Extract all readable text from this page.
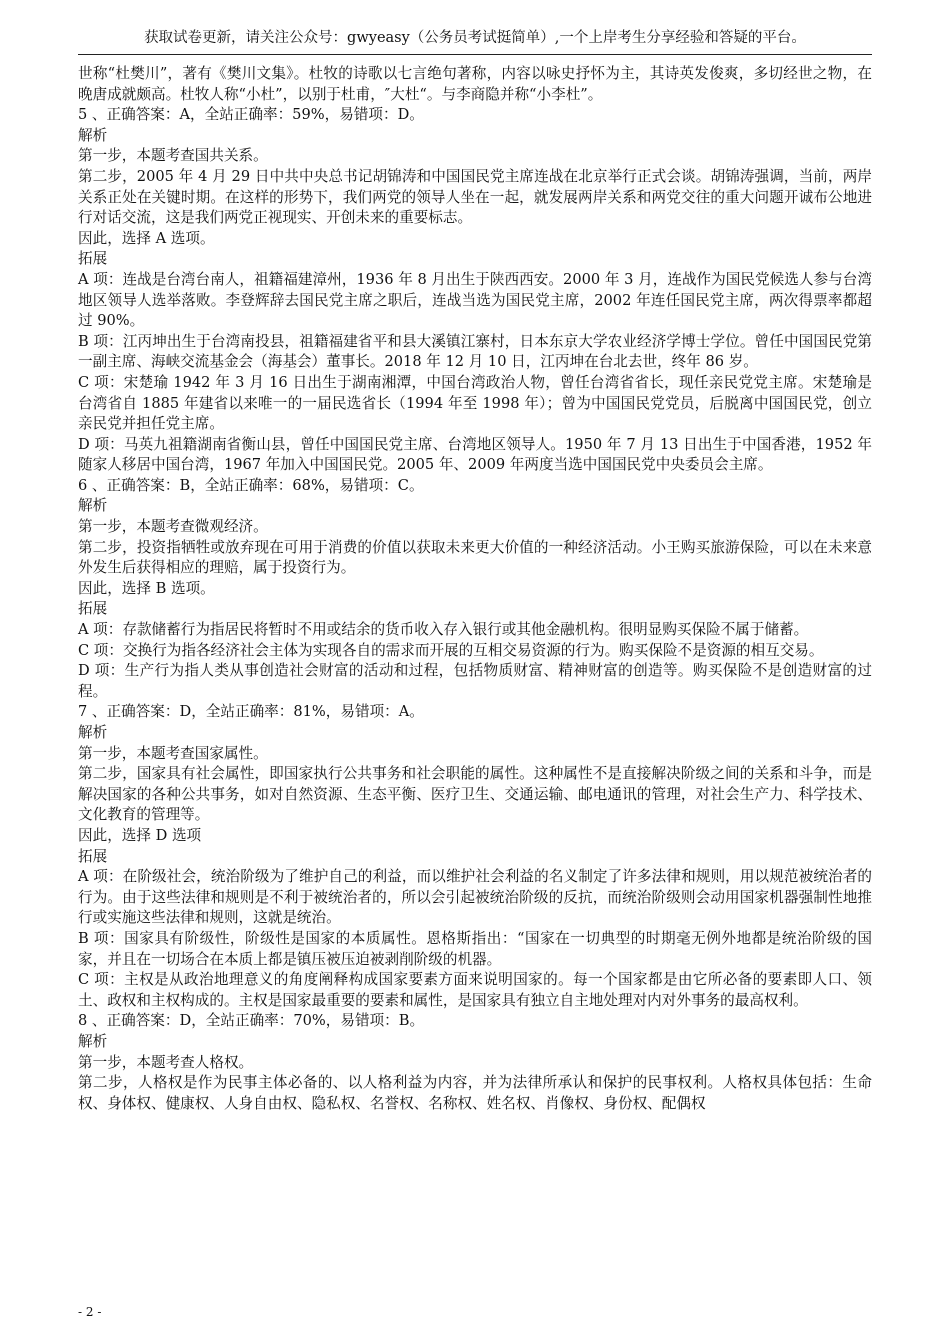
获取试卷更新，请关注公众号：gwyeasy（公务员考试挺简单）,一个上岸考生分享经验和答疑的平台。

世称“杜樊川”，著有《樊川文集》。杜牧的诗歌以七言绝句著称，内容以咏史抒怀为主，其诗英发俊爽，多切经世之物，在晚唐成就颇高。杜牧人称“小杜”，以别于杜甫，″大杜“。与李商隐并称“小李杜”。

5 、正确答案：A，全站正确率：59%，易错项：D。

解析

第一步，本题考查国共关系。

第二步，2005 年 4 月 29 日中共中央总书记胡锦涛和中国国民党主席连战在北京举行正式会谈。胡锦涛强调，当前，两岸关系正处在关键时期。在这样的形势下，我们两党的领导人坐在一起，就发展两岸关系和两党交往的重大问题开诚布公地进行对话交流，这是我们两党正视现实、开创未来的重要标志。

因此，选择 A 选项。

拓展

A 项：连战是台湾台南人，祖籍福建漳州，1936 年 8 月出生于陕西西安。2000 年 3 月，连战作为国民党候选人参与台湾地区领导人选举落败。李登辉辞去国民党主席之职后，连战当选为国民党主席，2002 年连任国民党主席，两次得票率都超过 90%。

B 项：江丙坤出生于台湾南投县，祖籍福建省平和县大溪镇江寨村，日本东京大学农业经济学博士学位。曾任中国国民党第一副主席、海峡交流基金会（海基会）董事长。2018 年 12 月 10 日，江丙坤在台北去世，终年 86 岁。

C 项：宋楚瑜 1942 年 3 月 16 日出生于湖南湘潭，中国台湾政治人物，曾任台湾省省长，现任亲民党党主席。宋楚瑜是台湾省自 1885 年建省以来唯一的一届民选省长（1994 年至 1998 年）；曾为中国国民党党员，后脱离中国国民党，创立亲民党并担任党主席。

D 项：马英九祖籍湖南省衡山县，曾任中国国民党主席、台湾地区领导人。1950 年 7 月 13 日出生于中国香港，1952 年随家人移居中国台湾，1967 年加入中国国民党。2005 年、2009 年两度当选中国国民党中央委员会主席。

6 、正确答案：B，全站正确率：68%，易错项：C。

解析

第一步，本题考查微观经济。

第二步，投资指牺牲或放弃现在可用于消费的价值以获取未来更大价值的一种经济活动。小王购买旅游保险，可以在未来意外发生后获得相应的理赔，属于投资行为。

因此，选择 B 选项。

拓展

A 项：存款储蓄行为指居民将暂时不用或结余的货币收入存入银行或其他金融机构。很明显购买保险不属于储蓄。

C 项：交换行为指各经济社会主体为实现各自的需求而开展的互相交易资源的行为。购买保险不是资源的相互交易。

D 项：生产行为指人类从事创造社会财富的活动和过程，包括物质财富、精神财富的创造等。购买保险不是创造财富的过程。

7 、正确答案：D，全站正确率：81%，易错项：A。

解析

第一步，本题考查国家属性。

第二步，国家具有社会属性，即国家执行公共事务和社会职能的属性。这种属性不是直接解决阶级之间的关系和斗争，而是解决国家的各种公共事务，如对自然资源、生态平衡、医疗卫生、交通运输、邮电通讯的管理，对社会生产力、科学技术、文化教育的管理等。

因此，选择 D 选项

拓展

A 项：在阶级社会，统治阶级为了维护自己的利益，而以维护社会利益的名义制定了许多法律和规则，用以规范被统治者的行为。由于这些法律和规则是不利于被统治者的，所以会引起被统治阶级的反抗，而统治阶级则会动用国家机器强制性地推行或实施这些法律和规则，这就是统治。

B 项：国家具有阶级性，阶级性是国家的本质属性。恩格斯指出：“国家在一切典型的时期毫无例外地都是统治阶级的国家，并且在一切场合在本质上都是镇压被压迫被剥削阶级的机器。

C 项：主权是从政治地理意义的角度阐释构成国家要素方面来说明国家的。每一个国家都是由它所必备的要素即人口、领土、政权和主权构成的。主权是国家最重要的要素和属性，是国家具有独立自主地处理对内对外事务的最高权利。

8 、正确答案：D，全站正确率：70%，易错项：B。

解析

第一步，本题考查人格权。

第二步，人格权是作为民事主体必备的、以人格利益为内容，并为法律所承认和保护的民事权利。人格权具体包括：生命权、身体权、健康权、人身自由权、隐私权、名誉权、名称权、姓名权、肖像权、身份权、配偶权

- 2 -
